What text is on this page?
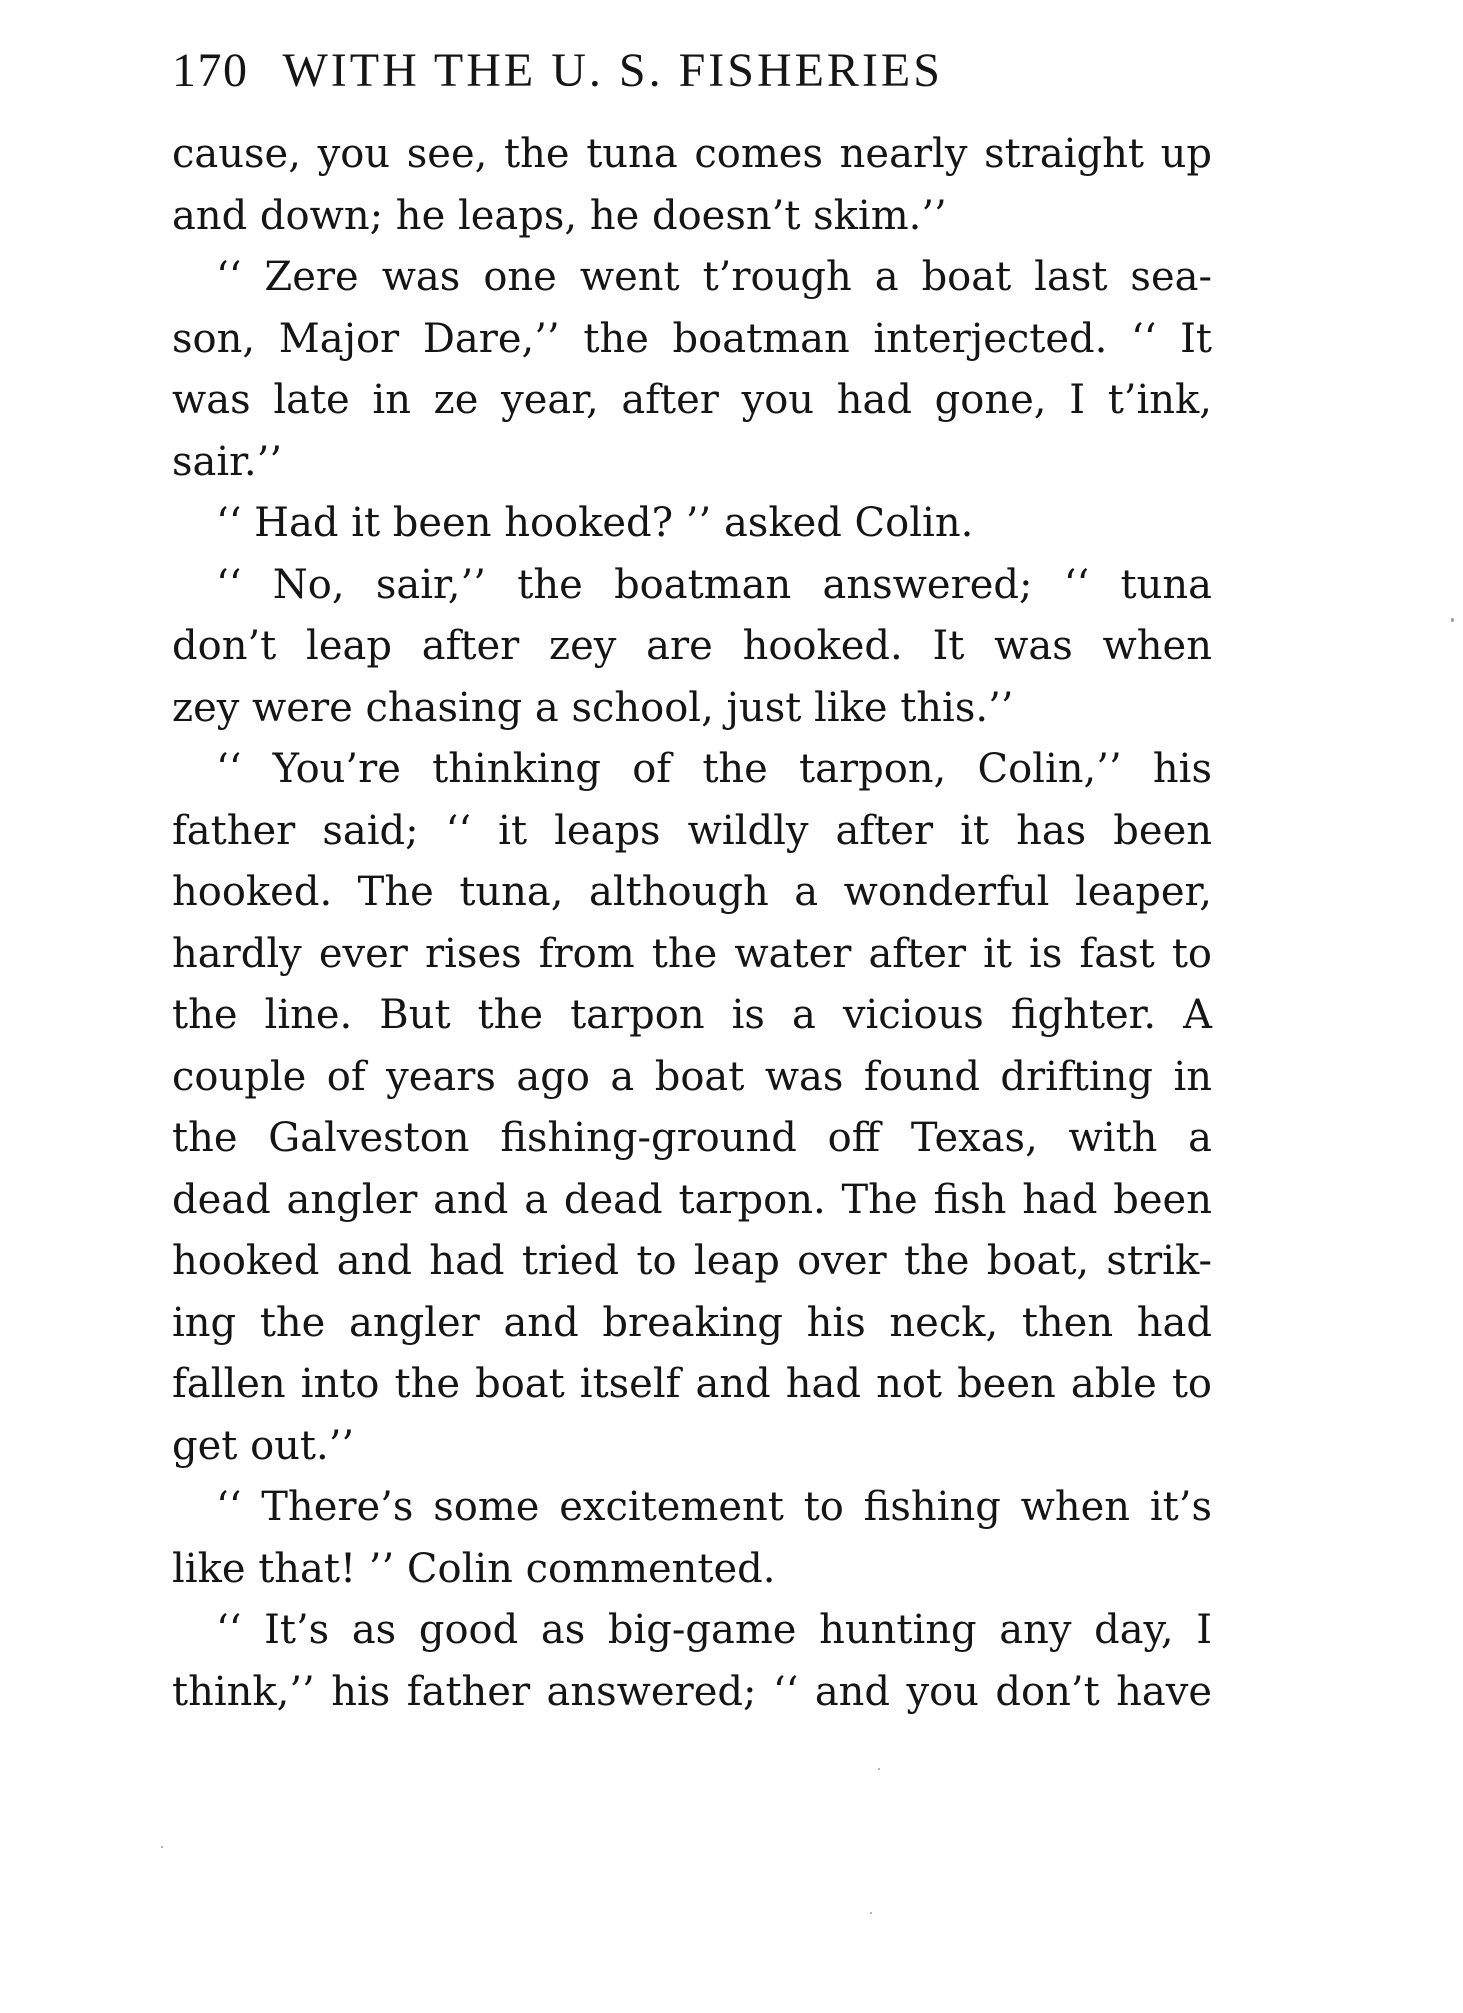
170 WITH THE U. S. FISHERIES
cause, you see, the tuna comes nearly straight up
and down; he leaps, he doesn’t skim.’’
‘‘ Zere was one went t’rough a boat last sea-
son, Major Dare,’’ the boatman interjected. ‘‘ It
was late in ze year, after you had gone, I t’ink,
sair.’’
‘‘ Had it been hooked? ’’ asked Colin.
‘‘ No, sair,’’ the boatman answered; ‘‘ tuna
don’t leap after zey are hooked. It was when
zey were chasing a school, just like this.’’
‘‘ You’re thinking of the tarpon, Colin,’’ his
father said; ‘‘ it leaps wildly after it has been
hooked. The tuna, although a wonderful leaper,
hardly ever rises from the water after it is fast to
the line. But the tarpon is a vicious fighter. A
couple of years ago a boat was found drifting in
the Galveston fishing-ground off Texas, with a
dead angler and a dead tarpon. The fish had been
hooked and had tried to leap over the boat, strik-
ing the angler and breaking his neck, then had
fallen into the boat itself and had not been able to
get out.’’
‘‘ There’s some excitement to fishing when it’s
like that! ’’ Colin commented.
‘‘ It’s as good as big-game hunting any day, I
think,’’ his father answered; ‘‘ and you don’t have
